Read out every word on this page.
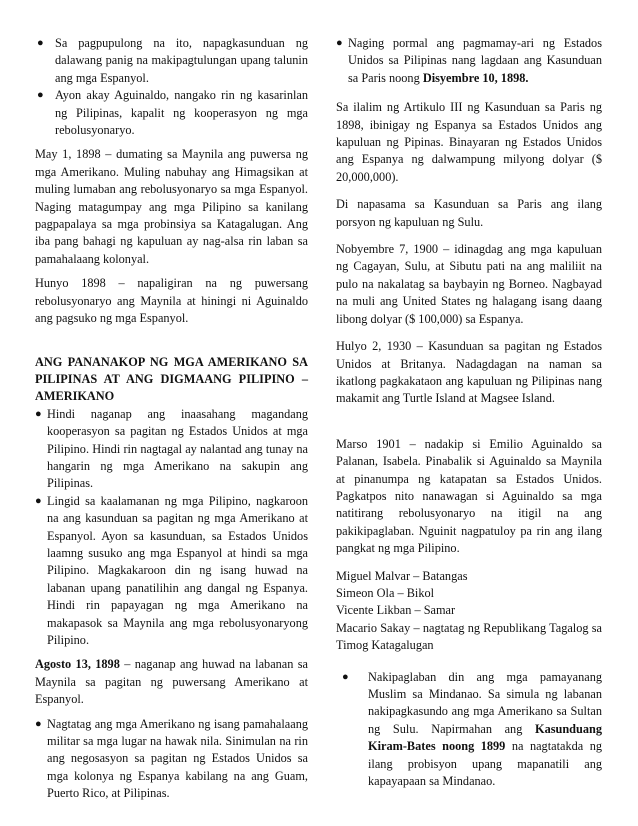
● Sa pagpupulong na ito, napagkasunduan ng dalawang panig na makipagtulungan upang talunin ang mga Espanyol.

● Ayon akay Aguinaldo, nangako rin ng kasarinlan ng Pilipinas, kapalit ng kooperasyon ng mga rebolusyonaryo.

May 1, 1898 – dumating sa Maynila ang puwersa ng mga Amerikano. Muling nabuhay ang Himagsikan at muling lumaban ang rebolusyonaryo sa mga Espanyol. Naging matagumpay ang mga Pilipino sa kanilang pagpapalaya sa mga probinsiya sa Katagalugan. Ang iba pang bahagi ng kapuluan ay nag-alsa rin laban sa pamahalaang kolonyal.

Hunyo 1898 – napaligiran na ng puwersang rebolusyonaryo ang Maynila at hiningi ni Aguinaldo ang pagsuko ng mga Espanyol.

ANG PANANAKOP NG MGA AMERIKANO SA PILIPINAS AT ANG DIGMAANG PILIPINO – AMERIKANO

● Hindi naganap ang inaasahang magandang kooperasyon sa pagitan ng Estados Unidos at mga Pilipino. Hindi rin nagtagal ay nalantad ang tunay na hangarin ng mga Amerikano na sakupin ang Pilipinas.

● Lingid sa kaalamanan ng mga Pilipino, nagkaroon na ang kasunduan sa pagitan ng mga Amerikano at Espanyol. Ayon sa kasunduan, sa Estados Unidos laamng susuko ang mga Espanyol at hindi sa mga Pilipino. Magkakaroon din ng isang huwad na labanan upang panatilihin ang dangal ng Espanya. Hindi rin papayagan ng mga Amerikano na makapasok sa Maynila ang mga rebolusyonaryong Pilipino.

Agosto 13, 1898 – naganap ang huwad na labanan sa Maynila sa pagitan ng puwersang Amerikano at Espanyol.

● Nagtatag ang mga Amerikano ng isang pamahalaang militar sa mga lugar na hawak nila. Sinimulan na rin ang negosasyon sa pagitan ng Estados Unidos sa mga kolonya ng Espanya kabilang na ang Guam, Puerto Rico, at Pilipinas.

● Naging pormal ang pagmamay-ari ng Estados Unidos sa Pilipinas nang lagdaan ang Kasunduan sa Paris noong Disyembre 10, 1898.

Sa ilalim ng Artikulo III ng Kasunduan sa Paris ng 1898, ibinigay ng Espanya sa Estados Unidos ang kapuluan ng Pipinas. Binayaran ng Estados Unidos ang Espanya ng dalwampung milyong dolyar ($ 20,000,000).

Di napasama sa Kasunduan sa Paris ang ilang porsyon ng kapuluan ng Sulu.

Nobyembre 7, 1900 – idinagdag ang mga kapuluan ng Cagayan, Sulu, at Sibutu pati na ang maliliit na pulo na nakalatag sa baybayin ng Borneo. Nagbayad na muli ang United States ng halagang isang daang libong dolyar ($ 100,000) sa Espanya.

Hulyo 2, 1930 – Kasunduan sa pagitan ng Estados Unidos at Britanya. Nadagdagan na naman sa ikatlong pagkakataon ang kapuluan ng Pilipinas nang makamit ang Turtle Island at Magsee Island.

Marso 1901 – nadakip si Emilio Aguinaldo sa Palanan, Isabela. Pinabalik si Aguinaldo sa Maynila at pinanumpa ng katapatan sa Estados Unidos. Pagkatpos nito nanawagan si Aguinaldo sa mga natitirang rebolusyonaryo na itigil na ang pakikipaglaban. Nguinit nagpatuloy pa rin ang ilang pangkat ng mga Pilipino.

Miguel Malvar – Batangas
Simeon Ola – Bikol
Vicente Likban – Samar

Macario Sakay – nagtatag ng Republikang Tagalog sa Timog Katagalugan

● Nakipaglaban din ang mga pamayanang Muslim sa Mindanao. Sa simula ng labanan nakipagkasundo ang mga Amerikano sa Sultan ng Sulu. Napirmahan ang Kasunduang Kiram-Bates noong 1899 na nagtatakda ng ilang probisyon upang mapanatili ang kapayapaan sa Mindanao.
